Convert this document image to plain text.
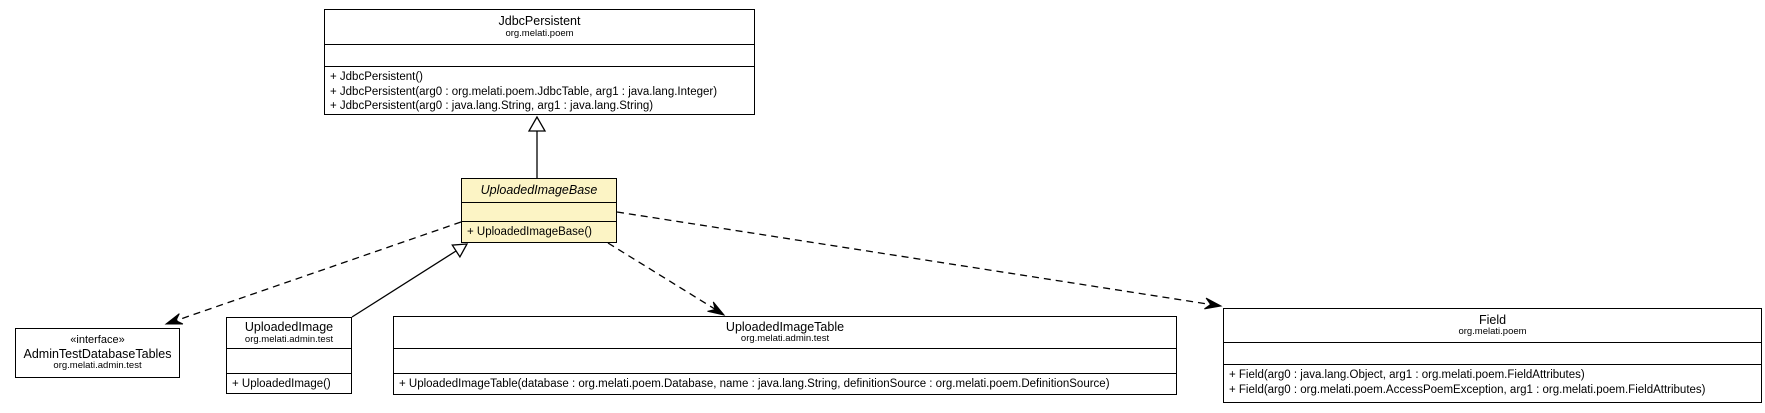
JdbcPersistent
org.melati.poem
+ JdbcPersistent()
+ JdbcPersistent(arg0 : org.melati.poem.JdbcTable, arg1 : java.lang.Integer)
+ JdbcPersistent(arg0 : java.lang.String, arg1 : java.lang.String)
UploadedImageBase
+ UploadedImageBase()
«interface»
AdminTestDatabaseTables
org.melati.admin.test
UploadedImage
org.melati.admin.test
+ UploadedImage()
UploadedImageTable
org.melati.admin.test
+ UploadedImageTable(database : org.melati.poem.Database, name : java.lang.String, definitionSource : org.melati.poem.DefinitionSource)
Field
org.melati.poem
+ Field(arg0 : java.lang.Object, arg1 : org.melati.poem.FieldAttributes)
+ Field(arg0 : org.melati.poem.AccessPoemException, arg1 : org.melati.poem.FieldAttributes)
